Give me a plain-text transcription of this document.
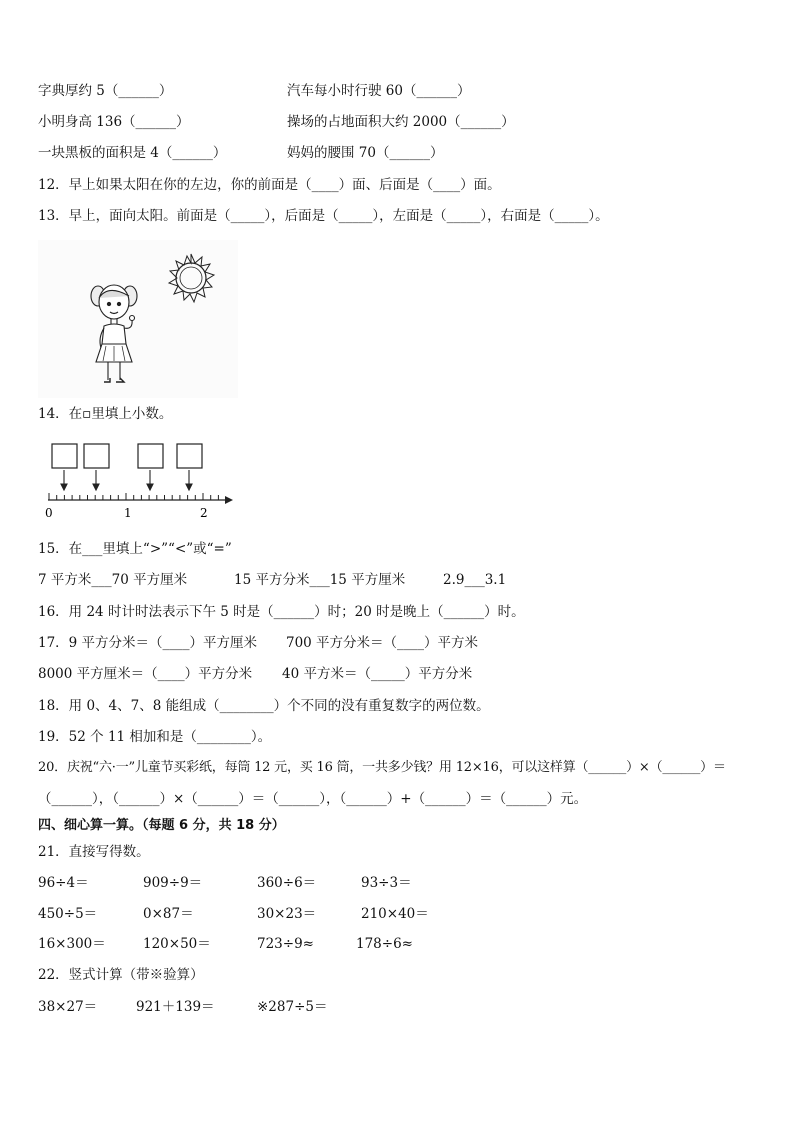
字典厚约 5（______）	汽车每小时行驶 60（______）
小明身高 136（______）	操场的占地面积大约 2000（______）
一块黑板的面积是 4（______）	妈妈的腰围 70（______）
12．早上如果太阳在你的左边，你的前面是（____）面、后面是（____）面。
13．早上，面向太阳。前面是（_____），后面是（_____），左面是（_____），右面是（_____）。
14．在▫里填上小数。
0	1	2
15．在___里填上“>”“<”或“=”
7 平方米___70 平方厘米	15 平方分米___15 平方厘米	2.9___3.1
16．用 24 时计时法表示下午 5 时是（______）时；20 时是晚上（______）时。
17．9 平方分米＝（____）平方厘米 700 平方分米＝（____）平方米
8000 平方厘米＝（____）平方分米 40 平方米＝（_____）平方分米
18．用 0、4、7、8 能组成（________）个不同的没有重复数字的两位数。
19．52 个 11 相加和是（________）。
20．庆祝“六·一”儿童节买彩纸，每筒 12 元，买 16 筒，一共多少钱？用 12×16，可以这样算（______）×（______）＝
（______），（______）×（______）＝（______），（______）+（______）＝（______）元。
四、细心算一算。（每题 6 分，共 18 分）
21．直接写得数。
96÷4＝	909÷9＝	360÷6＝	93÷3＝
450÷5＝	0×87＝	30×23＝	210×40＝
16×300＝	120×50＝	723÷9≈	178÷6≈
22．竖式计算（带※验算）
38×27＝	921＋139＝	※287÷5＝
